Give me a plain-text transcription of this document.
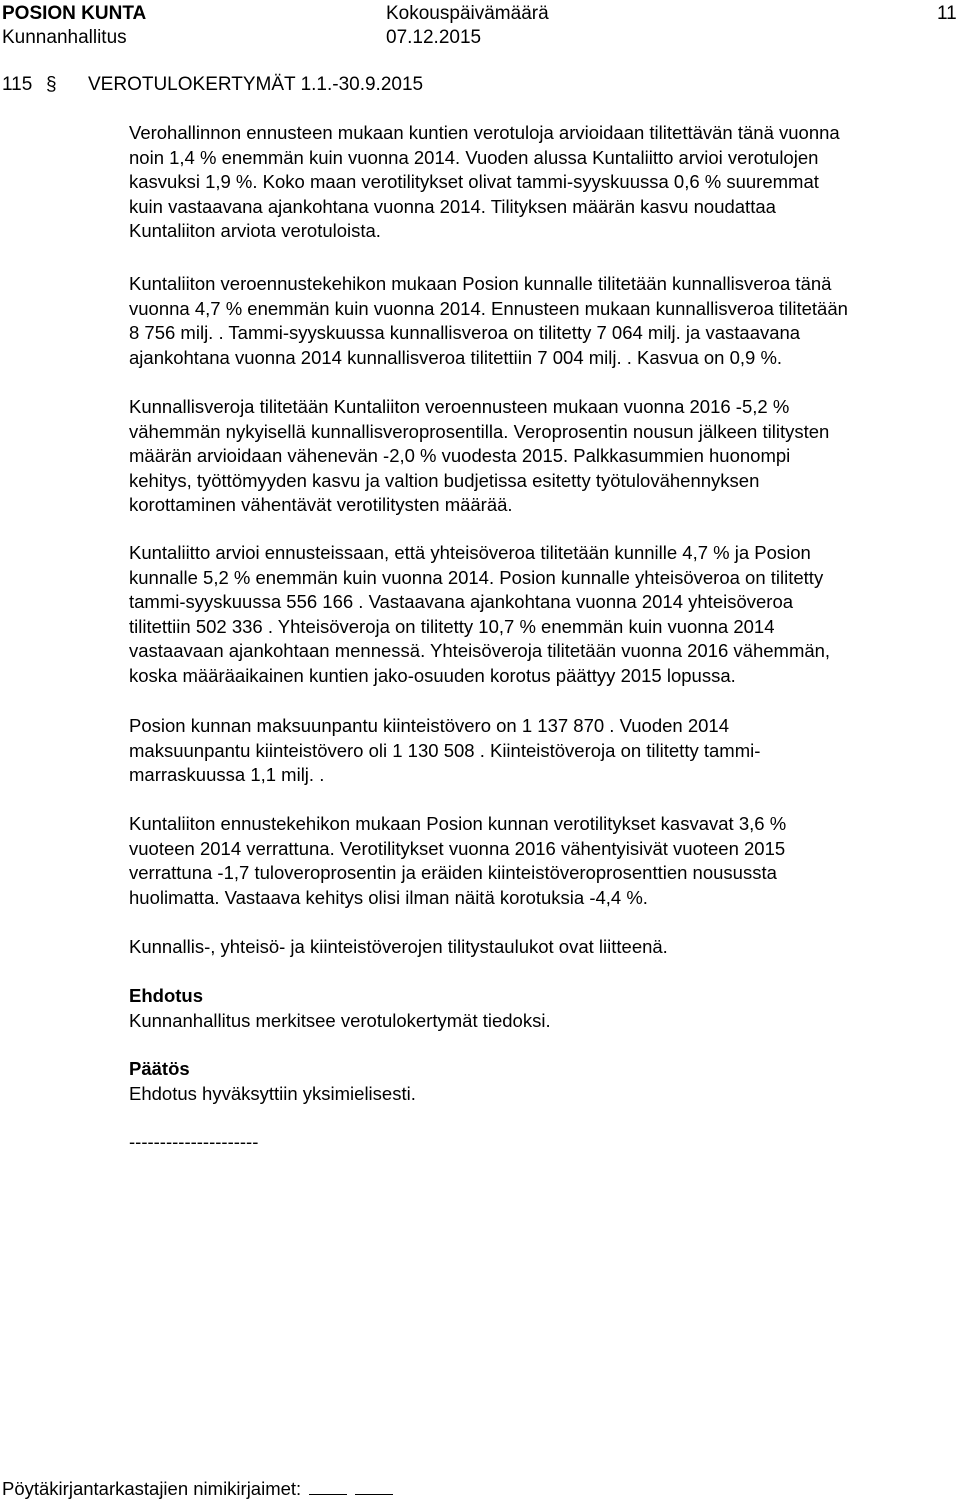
POSION KUNTA	Kokouspäivämäärä	11
Kunnanhallitus	07.12.2015
115 § VEROTULOKERTYMÄT 1.1.-30.9.2015

Verohallinnon ennusteen mukaan kuntien verotuloja arvioidaan tilitettävän tänä vuonna

noin 1,4 % enemmän kuin vuonna 2014. Vuoden alussa Kuntaliitto arvioi verotulojen

kasvuksi 1,9 %. Koko maan verotilitykset olivat tammi-syyskuussa 0,6 % suuremmat

kuin vastaavana ajankohtana vuonna 2014. Tilityksen määrän kasvu noudattaa

Kuntaliiton arviota verotuloista.

Kuntaliiton veroennustekehikon mukaan Posion kunnalle tilitetään kunnallisveroa tänä

vuonna 4,7 % enemmän kuin vuonna 2014. Ennusteen mukaan kunnallisveroa tilitetään

8 756 milj. . Tammi-syyskuussa kunnallisveroa on tilitetty 7 064 milj. ja vastaavana

ajankohtana vuonna 2014 kunnallisveroa tilitettiin 7 004 milj. . Kasvua on 0,9 %.

Kunnallisveroja tilitetään Kuntaliiton veroennusteen mukaan vuonna 2016 -5,2 %

vähemmän nykyisellä kunnallisveroprosentilla. Veroprosentin nousun jälkeen tilitysten

määrän arvioidaan vähenevän -2,0 % vuodesta 2015. Palkkasummien huonompi

kehitys, työttömyyden kasvu ja valtion budjetissa esitetty työtulovähennyksen

korottaminen vähentävät verotilitysten määrää.

Kuntaliitto arvioi ennusteissaan, että yhteisöveroa tilitetään kunnille 4,7 % ja Posion

kunnalle 5,2 % enemmän kuin vuonna 2014. Posion kunnalle yhteisöveroa on tilitetty

tammi-syyskuussa 556 166 . Vastaavana ajankohtana vuonna 2014 yhteisöveroa

tilitettiin 502 336 . Yhteisöveroja on tilitetty 10,7 % enemmän kuin vuonna 2014

vastaavaan ajankohtaan mennessä. Yhteisöveroja tilitetään vuonna 2016 vähemmän,

koska määräaikainen kuntien jako-osuuden korotus päättyy 2015 lopussa.

Posion kunnan maksuunpantu kiinteistövero on 1 137 870 . Vuoden 2014

maksuunpantu kiinteistövero oli 1 130 508 . Kiinteistöveroja on tilitetty tammi-

marraskuussa 1,1 milj. .

Kuntaliiton ennustekehikon mukaan Posion kunnan verotilitykset kasvavat 3,6 %

vuoteen 2014 verrattuna. Verotilitykset vuonna 2016 vähentyisivät vuoteen 2015

verrattuna -1,7 tuloveroprosentin ja eräiden kiinteistöveroprosenttien nousussta

huolimatta. Vastaava kehitys olisi ilman näitä korotuksia -4,4 %.

Kunnallis-, yhteisö- ja kiinteistöverojen tilitystaulukot ovat liitteenä.

Ehdotus

Kunnanhallitus merkitsee verotulokertymät tiedoksi.

Päätös

Ehdotus hyväksyttiin yksimielisesti.

---------------------

Pöytäkirjantarkastajien nimikirjaimet:
